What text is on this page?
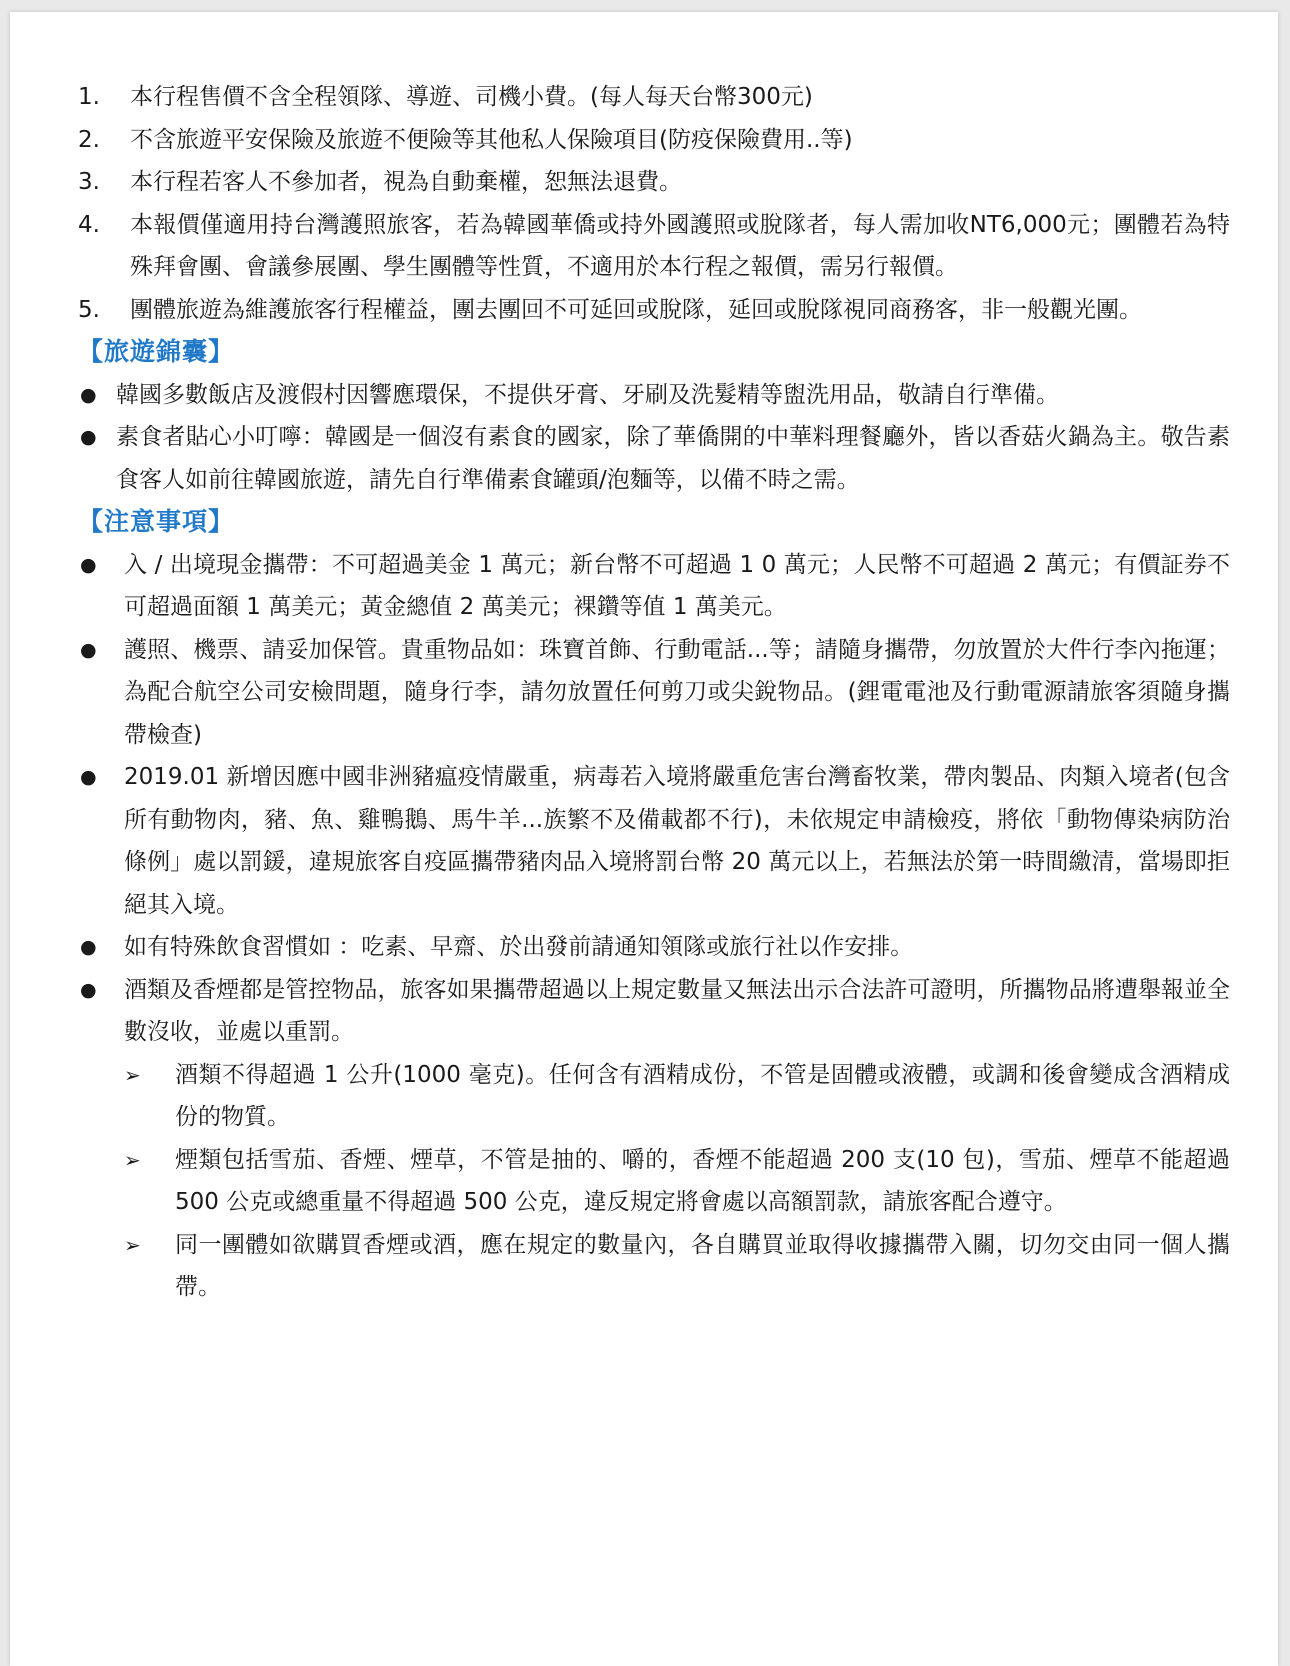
1. 本行程售價不含全程領隊、導遊、司機小費。(每人每天台幣300元)
2. 不含旅遊平安保險及旅遊不便險等其他私人保險項目(防疫保險費用..等)
3. 本行程若客人不參加者，視為自動棄權，恕無法退費。
4. 本報價僅適用持台灣護照旅客，若為韓國華僑或持外國護照或脫隊者，每人需加收NT6,000元；團體若為特殊拜會團、會議參展團、學生團體等性質，不適用於本行程之報價，需另行報價。
5. 團體旅遊為維護旅客行程權益，團去團回不可延回或脫隊，延回或脫隊視同商務客，非一般觀光團。
【旅遊錦囊】
● 韓國多數飯店及渡假村因響應環保，不提供牙膏、牙刷及洗髮精等盥洗用品，敬請自行準備。
● 素食者貼心小叮嚀：韓國是一個沒有素食的國家，除了華僑開的中華料理餐廳外，皆以香菇火鍋為主。敬告素食客人如前往韓國旅遊，請先自行準備素食罐頭/泡麵等，以備不時之需。
【注意事項】
● 入 / 出境現金攜帶：不可超過美金 1 萬元；新台幣不可超過 1 0 萬元；人民幣不可超過 2 萬元；有價証券不可超過面額 1 萬美元；黃金總值 2 萬美元；裸鑽等值 1 萬美元。
● 護照、機票、請妥加保管。貴重物品如：珠寶首飾、行動電話...等；請隨身攜帶，勿放置於大件行李內拖運；為配合航空公司安檢問題，隨身行李，請勿放置任何剪刀或尖銳物品。(鋰電電池及行動電源請旅客須隨身攜帶檢查)
● 2019.01 新增因應中國非洲豬瘟疫情嚴重，病毒若入境將嚴重危害台灣畜牧業，帶肉製品、肉類入境者(包含所有動物肉，豬、魚、雞鴨鵝、馬牛羊...族繁不及備載都不行)，未依規定申請檢疫，將依「動物傳染病防治條例」處以罰鍰，違規旅客自疫區攜帶豬肉品入境將罰台幣 20 萬元以上，若無法於第一時間繳清，當場即拒絕其入境。
● 如有特殊飲食習慣如 ：吃素、早齋、於出發前請通知領隊或旅行社以作安排。
● 酒類及香煙都是管控物品，旅客如果攜帶超過以上規定數量又無法出示合法許可證明，所攜物品將遭舉報並全數沒收，並處以重罰。
➢ 酒類不得超過 1 公升(1000 毫克)。任何含有酒精成份，不管是固體或液體，或調和後會變成含酒精成份的物質。
➢ 煙類包括雪茄、香煙、煙草，不管是抽的、嚼的，香煙不能超過 200 支(10 包)，雪茄、煙草不能超過500 公克或總重量不得超過 500 公克，違反規定將會處以高額罰款，請旅客配合遵守。
➢ 同一團體如欲購買香煙或酒，應在規定的數量內，各自購買並取得收據攜帶入關，切勿交由同一個人攜帶。
